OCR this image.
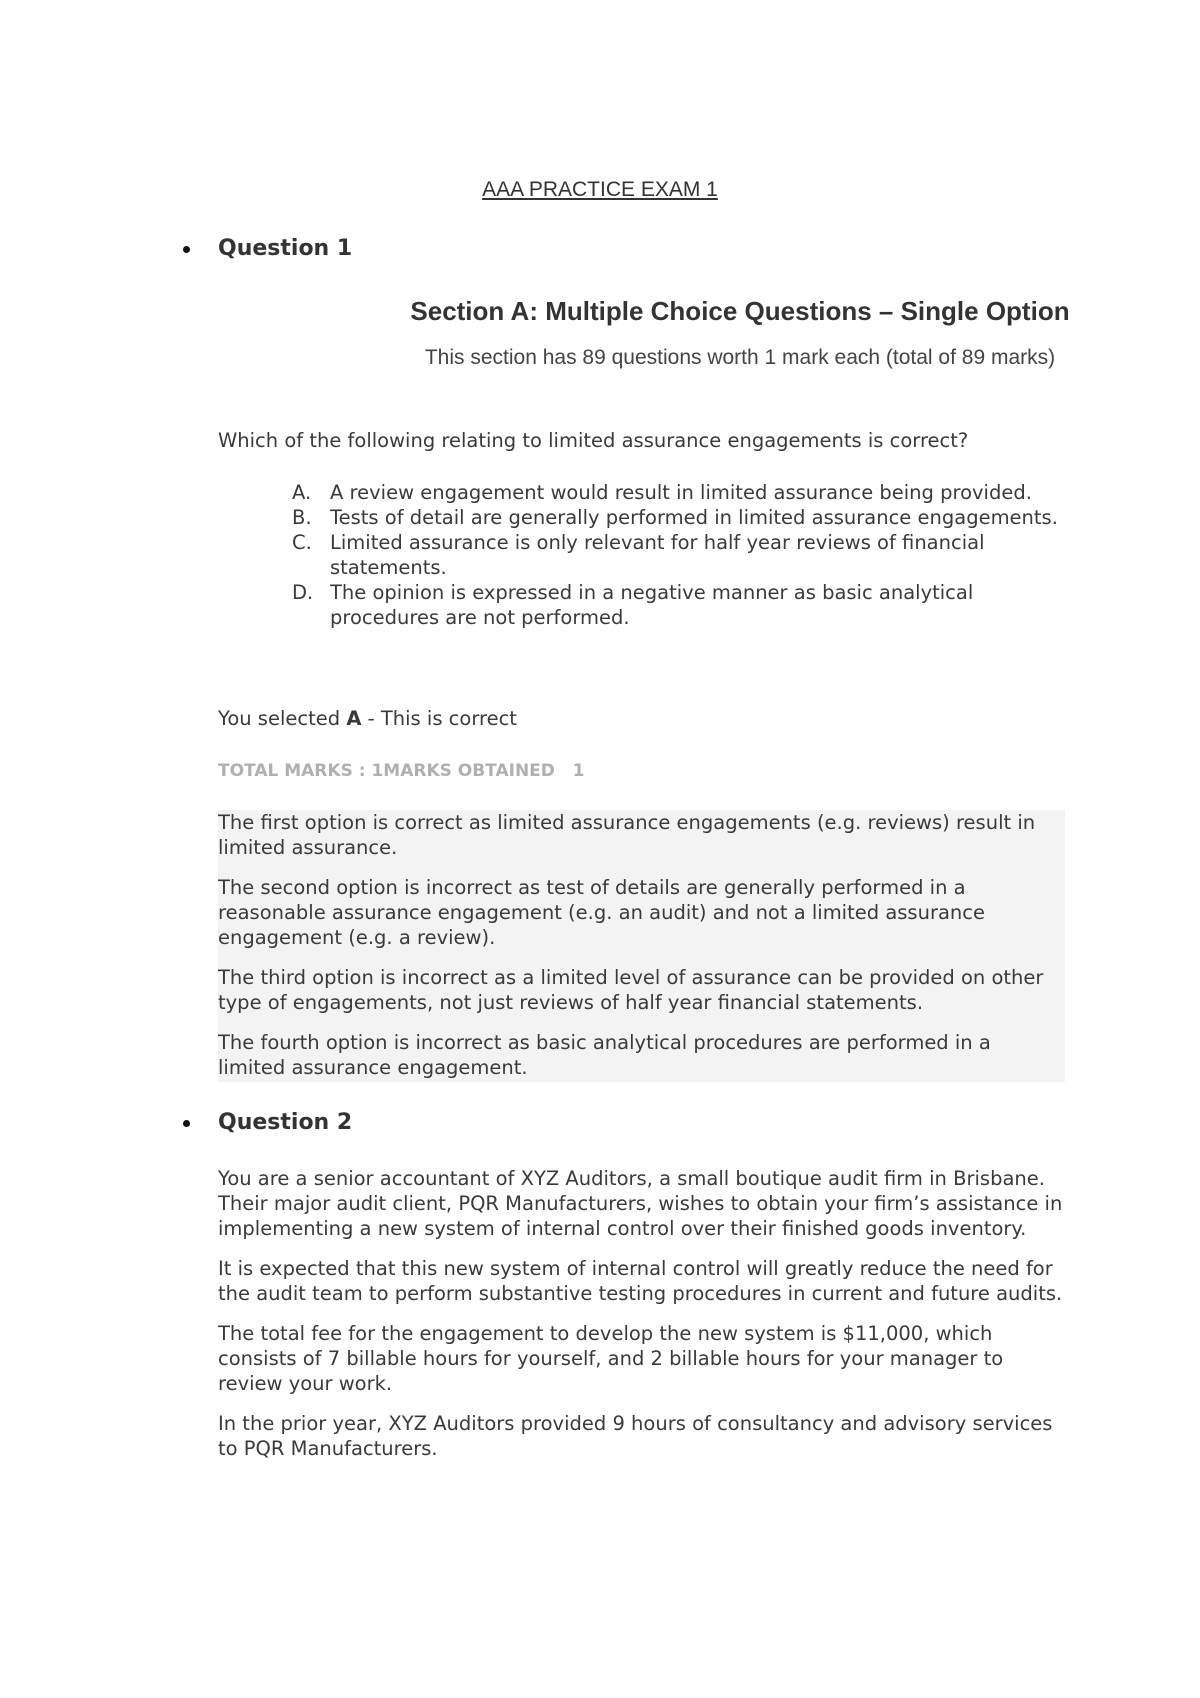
AAA PRACTICE EXAM 1
Question 1
Section A: Multiple Choice Questions – Single Option
This section has 89 questions worth 1 mark each (total of 89 marks)
Which of the following relating to limited assurance engagements is correct?
A. A review engagement would result in limited assurance being provided.
B. Tests of detail are generally performed in limited assurance engagements.
C. Limited assurance is only relevant for half year reviews of financial statements.
D. The opinion is expressed in a negative manner as basic analytical procedures are not performed.
You selected A - This is correct
TOTAL MARKS : 1MARKS OBTAINED   1

The first option is correct as limited assurance engagements (e.g. reviews) result in limited assurance.

The second option is incorrect as test of details are generally performed in a reasonable assurance engagement (e.g. an audit) and not a limited assurance engagement (e.g. a review).

The third option is incorrect as a limited level of assurance can be provided on other type of engagements, not just reviews of half year financial statements.

The fourth option is incorrect as basic analytical procedures are performed in a limited assurance engagement.

Question 2

You are a senior accountant of XYZ Auditors, a small boutique audit firm in Brisbane. Their major audit client, PQR Manufacturers, wishes to obtain your firm’s assistance in implementing a new system of internal control over their finished goods inventory.

It is expected that this new system of internal control will greatly reduce the need for the audit team to perform substantive testing procedures in current and future audits.

The total fee for the engagement to develop the new system is $11,000, which consists of 7 billable hours for yourself, and 2 billable hours for your manager to review your work.

In the prior year, XYZ Auditors provided 9 hours of consultancy and advisory services to PQR Manufacturers.
